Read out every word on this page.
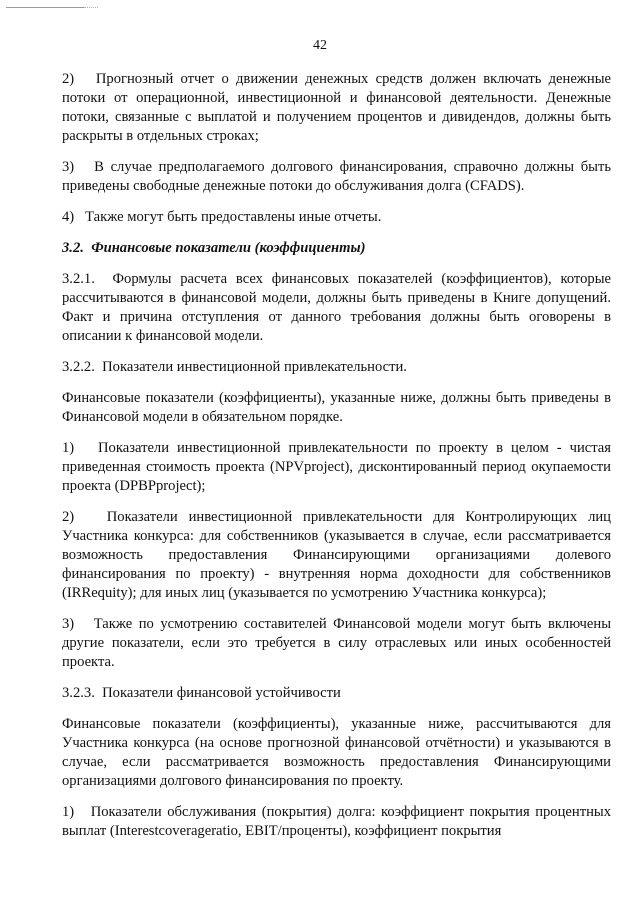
42

2)   Прогнозный отчет о движении денежных средств должен включать денежные потоки от операционной, инвестиционной и финансовой деятельности. Денежные потоки, связанные с выплатой и получением процентов и дивидендов, должны быть раскрыты в отдельных строках;

3)   В случае предполагаемого долгового финансирования, справочно должны быть приведены свободные денежные потоки до обслуживания долга (CFADS).

4)   Также могут быть предоставлены иные отчеты.

3.2.  Финансовые показатели (коэффициенты)

3.2.1.  Формулы расчета всех финансовых показателей (коэффициентов), которые рассчитываются в финансовой модели, должны быть приведены в Книге допущений. Факт и причина отступления от данного требования должны быть оговорены в описании к финансовой модели.

3.2.2.  Показатели инвестиционной привлекательности.

Финансовые показатели (коэффициенты), указанные ниже, должны быть приведены в Финансовой модели в обязательном порядке.

1)   Показатели инвестиционной привлекательности по проекту в целом - чистая приведенная стоимость проекта (NPVproject), дисконтированный период окупаемости проекта (DPBPproject);

2)   Показатели инвестиционной привлекательности для Контролирующих лиц Участника конкурса: для собственников (указывается в случае, если рассматривается возможность предоставления Финансирующими организациями долевого финансирования по проекту) - внутренняя норма доходности для собственников (IRRequity); для иных лиц (указывается по усмотрению Участника конкурса);

3)   Также по усмотрению составителей Финансовой модели могут быть включены другие показатели, если это требуется в силу отраслевых или иных особенностей проекта.

3.2.3.  Показатели финансовой устойчивости

Финансовые показатели (коэффициенты), указанные ниже, рассчитываются для Участника конкурса (на основе прогнозной финансовой отчётности) и указываются в случае, если рассматривается возможность предоставления Финансирующими организациями долгового финансирования по проекту.

1)   Показатели обслуживания (покрытия) долга: коэффициент покрытия процентных выплат (Interestcoverageratio, EBIT/проценты), коэффициент покрытия
